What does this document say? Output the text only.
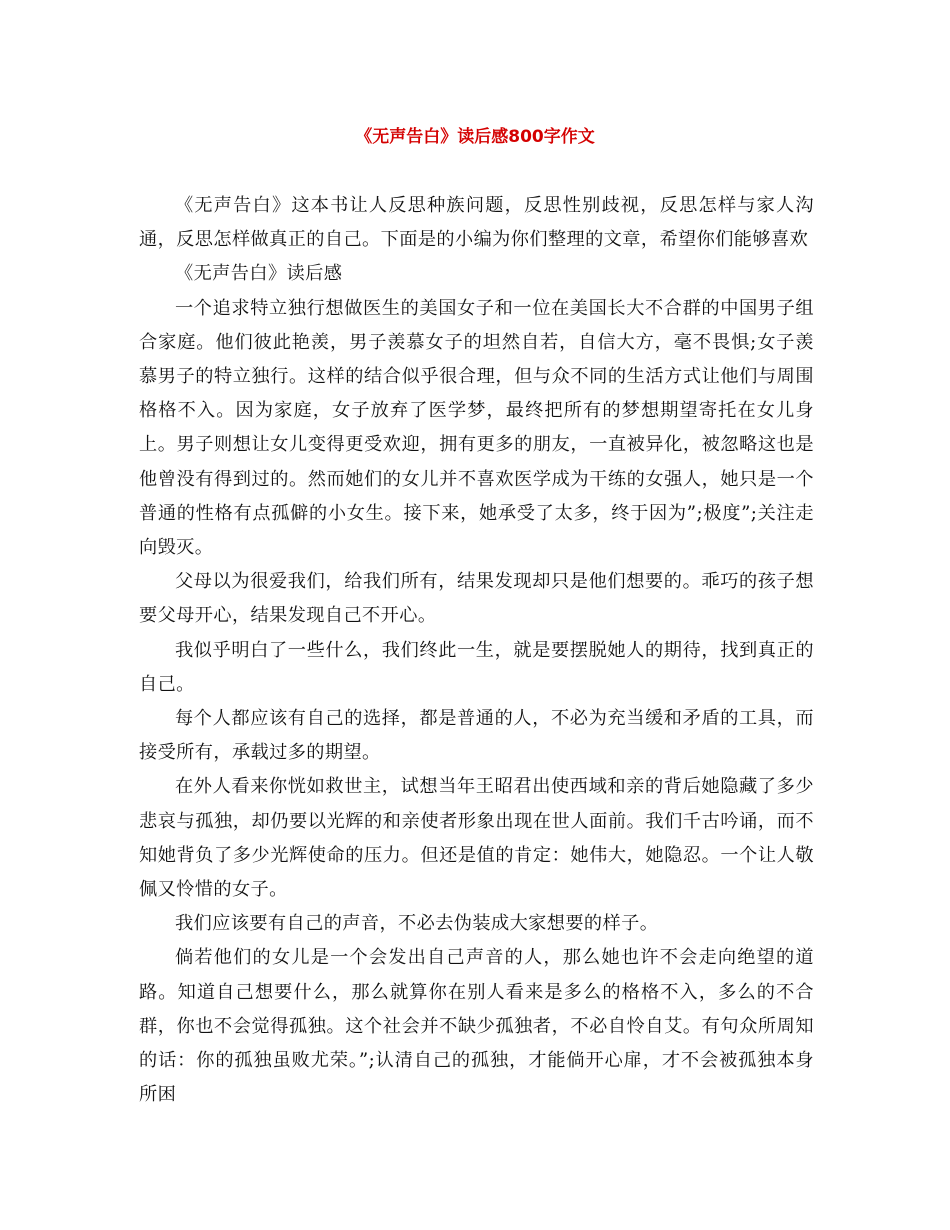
《无声告白》读后感800字作文

《无声告白》这本书让人反思种族问题，反思性别歧视，反思怎样与家人沟通，反思怎样做真正的自己。下面是的小编为你们整理的文章，希望你们能够喜欢

《无声告白》读后感

一个追求特立独行想做医生的美国女子和一位在美国长大不合群的中国男子组合家庭。他们彼此艳羡，男子羡慕女子的坦然自若，自信大方，毫不畏惧;女子羡慕男子的特立独行。这样的结合似乎很合理，但与众不同的生活方式让他们与周围格格不入。因为家庭，女子放弃了医学梦，最终把所有的梦想期望寄托在女儿身上。男子则想让女儿变得更受欢迎，拥有更多的朋友，一直被异化，被忽略这也是他曾没有得到过的。然而她们的女儿并不喜欢医学成为干练的女强人，她只是一个普通的性格有点孤僻的小女生。接下来，她承受了太多，终于因为”;极度”;关注走向毁灭。

父母以为很爱我们，给我们所有，结果发现却只是他们想要的。乖巧的孩子想要父母开心，结果发现自己不开心。

我似乎明白了一些什么，我们终此一生，就是要摆脱她人的期待，找到真正的自己。

每个人都应该有自己的选择，都是普通的人，不必为充当缓和矛盾的工具，而接受所有，承载过多的期望。

在外人看来你恍如救世主，试想当年王昭君出使西域和亲的背后她隐藏了多少悲哀与孤独，却仍要以光辉的和亲使者形象出现在世人面前。我们千古吟诵，而不知她背负了多少光辉使命的压力。但还是值的肯定：她伟大，她隐忍。一个让人敬佩又怜惜的女子。

我们应该要有自己的声音，不必去伪装成大家想要的样子。

倘若他们的女儿是一个会发出自己声音的人，那么她也许不会走向绝望的道路。知道自己想要什么，那么就算你在别人看来是多么的格格不入，多么的不合群，你也不会觉得孤独。这个社会并不缺少孤独者，不必自怜自艾。有句众所周知的话：你的孤独虽败尤荣。”;认清自己的孤独，才能倘开心扉，才不会被孤独本身所困
